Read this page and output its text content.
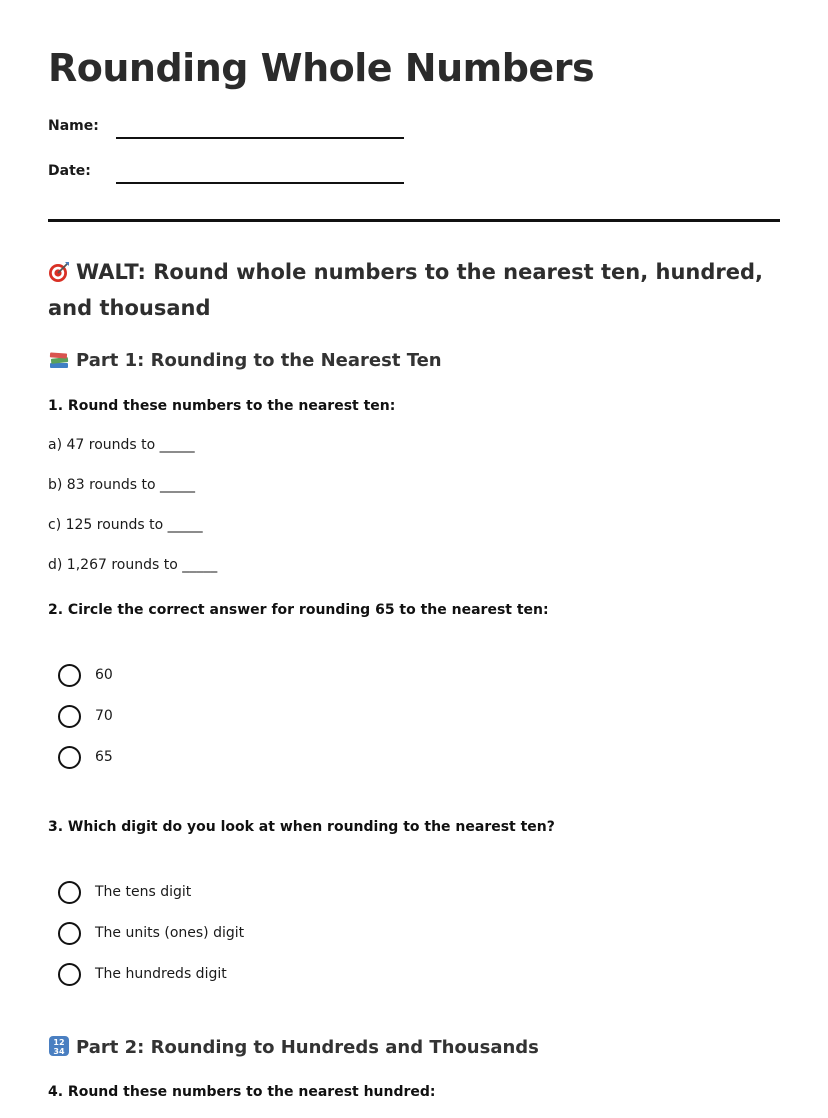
Rounding Whole Numbers
Name:
Date:
WALT: Round whole numbers to the nearest ten, hundred, and thousand
Part 1: Rounding to the Nearest Ten

1. Round these numbers to the nearest ten:

a) 47 rounds to _____
b) 83 rounds to _____
c) 125 rounds to _____
d) 1,267 rounds to _____

2. Circle the correct answer for rounding 65 to the nearest ten:

60
70
65

3. Which digit do you look at when rounding to the nearest ten?

The tens digit
The units (ones) digit
The hundreds digit
12
34 Part 2: Rounding to Hundreds and Thousands

4. Round these numbers to the nearest hundred:
